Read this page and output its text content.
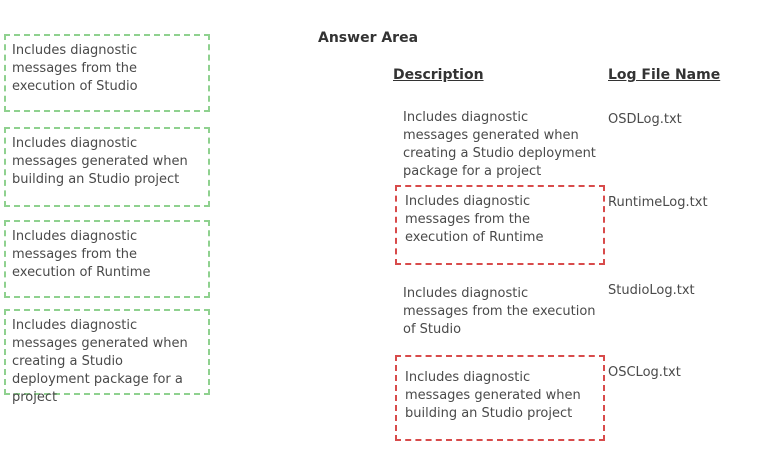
Includes diagnostic messages from the execution of Studio
Includes diagnostic messages generated when building an Studio project
Includes diagnostic messages from the execution of Runtime
Includes diagnostic messages generated when creating a Studio deployment package for a project
Answer Area
Description	Log File Name
Includes diagnostic messages generated when creating a Studio deployment package for a project
OSDLog.txt
Includes diagnostic messages from the execution of Runtime
RuntimeLog.txt
Includes diagnostic messages from the execution of Studio
StudioLog.txt
Includes diagnostic messages generated when building an Studio project
OSCLog.txt
